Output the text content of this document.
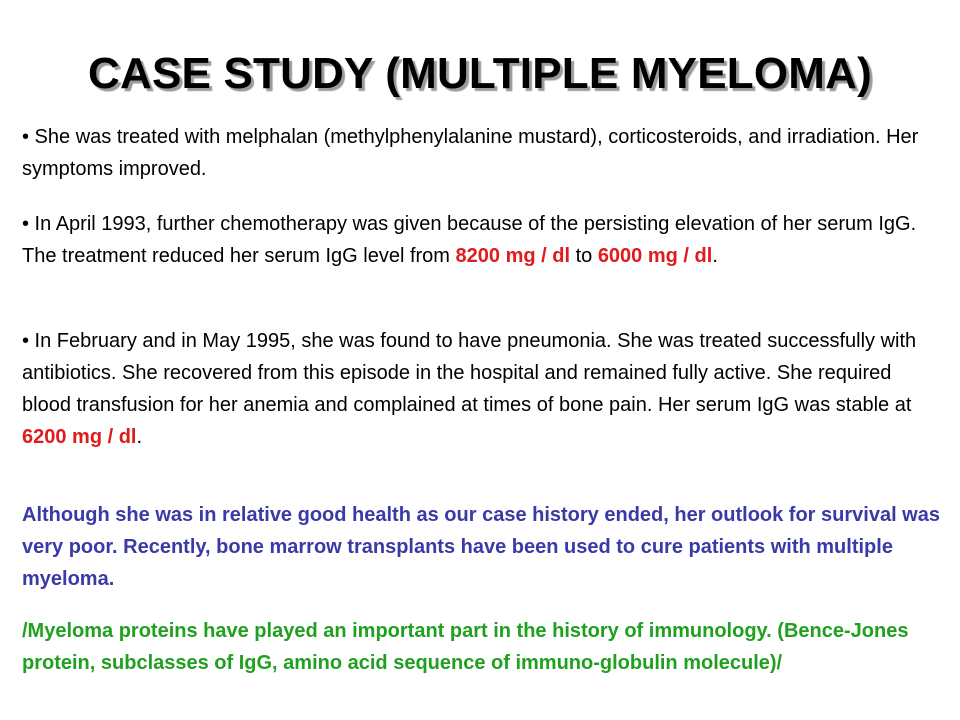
CASE STUDY (MULTIPLE MYELOMA)

• She was treated with melphalan (methylphenylalanine mustard), corticosteroids, and irradiation. Her symptoms improved.

• In April 1993, further chemotherapy was given because of the persisting elevation of her serum IgG. The treatment reduced her serum IgG level from 8200 mg / dl to 6000 mg / dl.

• In February and in May 1995, she was found to have pneumonia. She was treated successfully with antibiotics. She recovered from this episode in the hospital and remained fully active. She required blood transfusion for her anemia and complained at times of bone pain. Her serum IgG was stable at 6200 mg / dl.

Although she was in relative good health as our case history ended, her outlook for survival was very poor. Recently, bone marrow transplants have been used to cure patients with multiple myeloma.

/Myeloma proteins have played an important part in the history of immunology. (Bence-Jones protein, subclasses of IgG, amino acid sequence of immuno-globulin molecule)/
